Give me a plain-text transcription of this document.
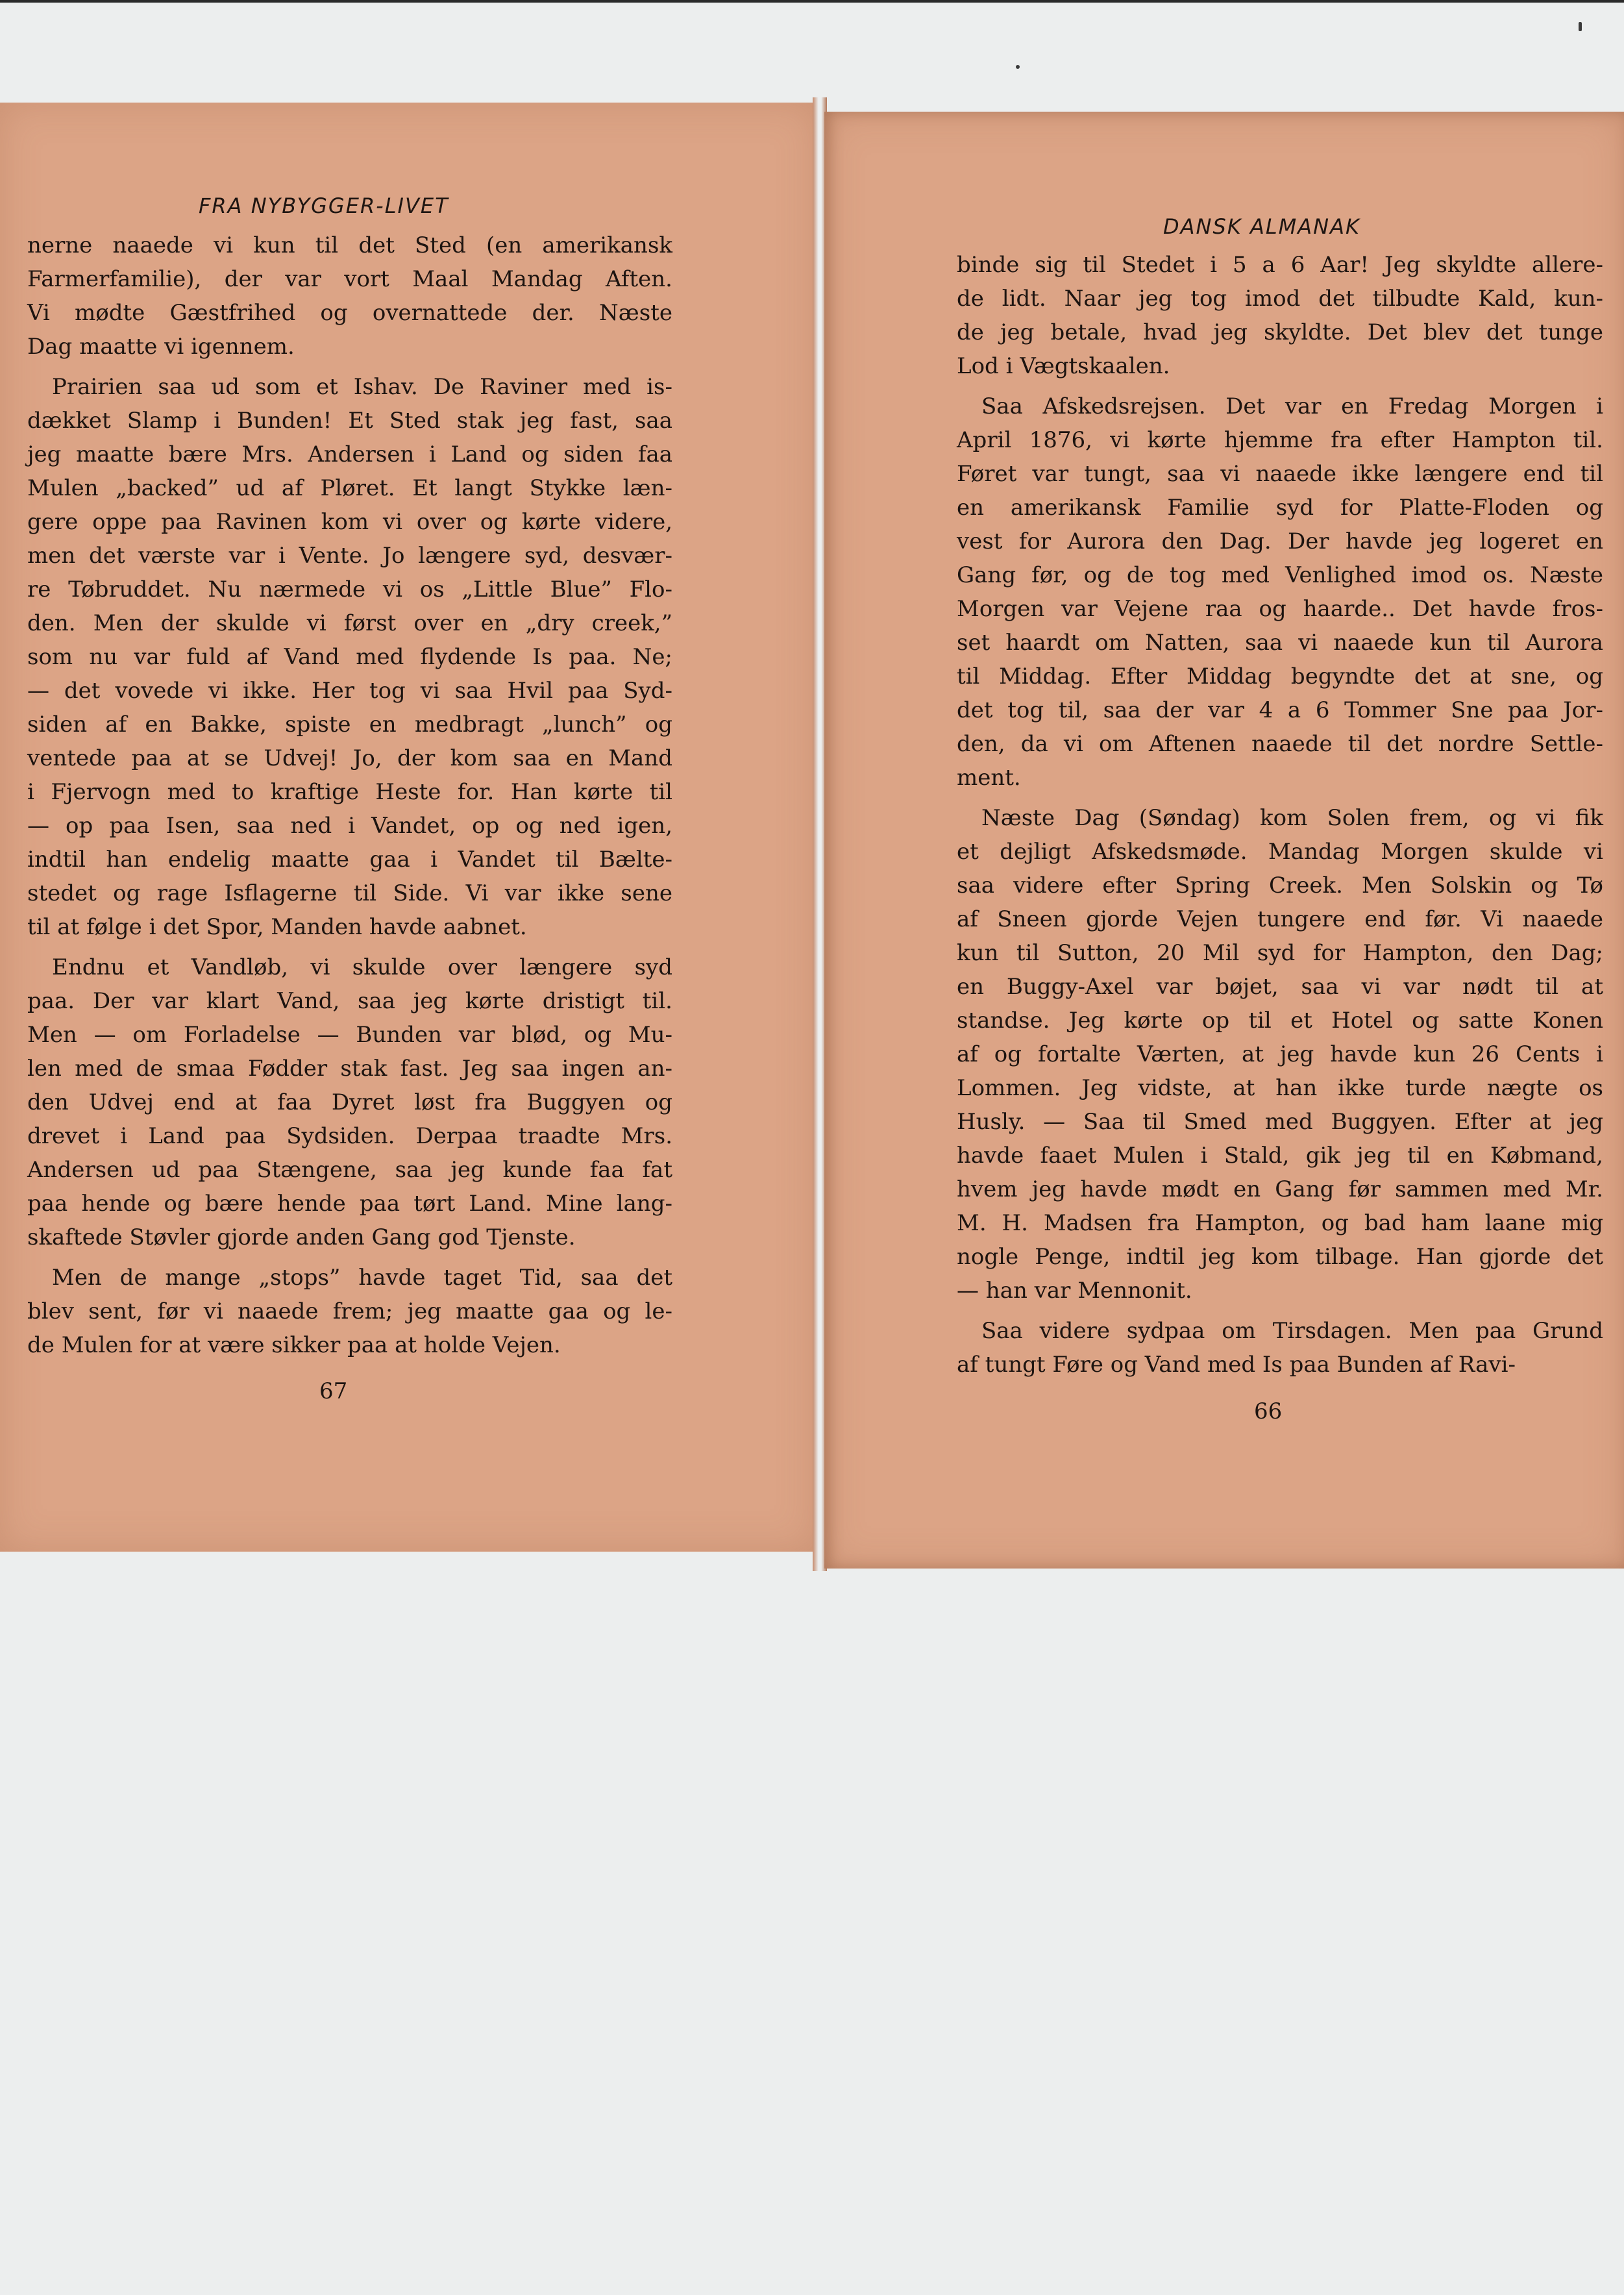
FRA NYBYGGER-LIVET
nerne naaede vi kun til det Sted (en amerikansk
Farmerfamilie), der var vort Maal Mandag Aften.
Vi mødte Gæstfrihed og overnattede der. Næste
Dag maatte vi igennem.
Prairien saa ud som et Ishav. De Raviner med is-
dækket Slamp i Bunden! Et Sted stak jeg fast, saa
jeg maatte bære Mrs. Andersen i Land og siden faa
Mulen „backed” ud af Pløret. Et langt Stykke læn-
gere oppe paa Ravinen kom vi over og kørte videre,
men det værste var i Vente. Jo længere syd, desvær-
re Tøbruddet. Nu nærmede vi os „Little Blue” Flo-
den. Men der skulde vi først over en „dry creek,”
som nu var fuld af Vand med flydende Is paa. Ne;
— det vovede vi ikke. Her tog vi saa Hvil paa Syd-
siden af en Bakke, spiste en medbragt „lunch” og
ventede paa at se Udvej! Jo, der kom saa en Mand
i Fjervogn med to kraftige Heste for. Han kørte til
— op paa Isen, saa ned i Vandet, op og ned igen,
indtil han endelig maatte gaa i Vandet til Bælte-
stedet og rage Isflagerne til Side. Vi var ikke sene
til at følge i det Spor, Manden havde aabnet.
Endnu et Vandløb, vi skulde over længere syd
paa. Der var klart Vand, saa jeg kørte dristigt til.
Men — om Forladelse — Bunden var blød, og Mu-
len med de smaa Fødder stak fast. Jeg saa ingen an-
den Udvej end at faa Dyret løst fra Buggyen og
drevet i Land paa Sydsiden. Derpaa traadte Mrs.
Andersen ud paa Stængene, saa jeg kunde faa fat
paa hende og bære hende paa tørt Land. Mine lang-
skaftede Støvler gjorde anden Gang god Tjenste.
Men de mange „stops” havde taget Tid, saa det
blev sent, før vi naaede frem; jeg maatte gaa og le-
de Mulen for at være sikker paa at holde Vejen.
67
DANSK ALMANAK
binde sig til Stedet i 5 a 6 Aar! Jeg skyldte allere-
de lidt. Naar jeg tog imod det tilbudte Kald, kun-
de jeg betale, hvad jeg skyldte. Det blev det tunge
Lod i Vægtskaalen.
Saa Afskedsrejsen. Det var en Fredag Morgen i
April 1876, vi kørte hjemme fra efter Hampton til.
Føret var tungt, saa vi naaede ikke længere end til
en amerikansk Familie syd for Platte-Floden og
vest for Aurora den Dag. Der havde jeg logeret en
Gang før, og de tog med Venlighed imod os. Næste
Morgen var Vejene raa og haarde.. Det havde fros-
set haardt om Natten, saa vi naaede kun til Aurora
til Middag. Efter Middag begyndte det at sne, og
det tog til, saa der var 4 a 6 Tommer Sne paa Jor-
den, da vi om Aftenen naaede til det nordre Settle-
ment.
Næste Dag (Søndag) kom Solen frem, og vi fik
et dejligt Afskedsmøde. Mandag Morgen skulde vi
saa videre efter Spring Creek. Men Solskin og Tø
af Sneen gjorde Vejen tungere end før. Vi naaede
kun til Sutton, 20 Mil syd for Hampton, den Dag;
en Buggy-Axel var bøjet, saa vi var nødt til at
standse. Jeg kørte op til et Hotel og satte Konen
af og fortalte Værten, at jeg havde kun 26 Cents i
Lommen. Jeg vidste, at han ikke turde nægte os
Husly. — Saa til Smed med Buggyen. Efter at jeg
havde faaet Mulen i Stald, gik jeg til en Købmand,
hvem jeg havde mødt en Gang før sammen med Mr.
M. H. Madsen fra Hampton, og bad ham laane mig
nogle Penge, indtil jeg kom tilbage. Han gjorde det
— han var Mennonit.
Saa videre sydpaa om Tirsdagen. Men paa Grund
af tungt Føre og Vand med Is paa Bunden af Ravi-
66
